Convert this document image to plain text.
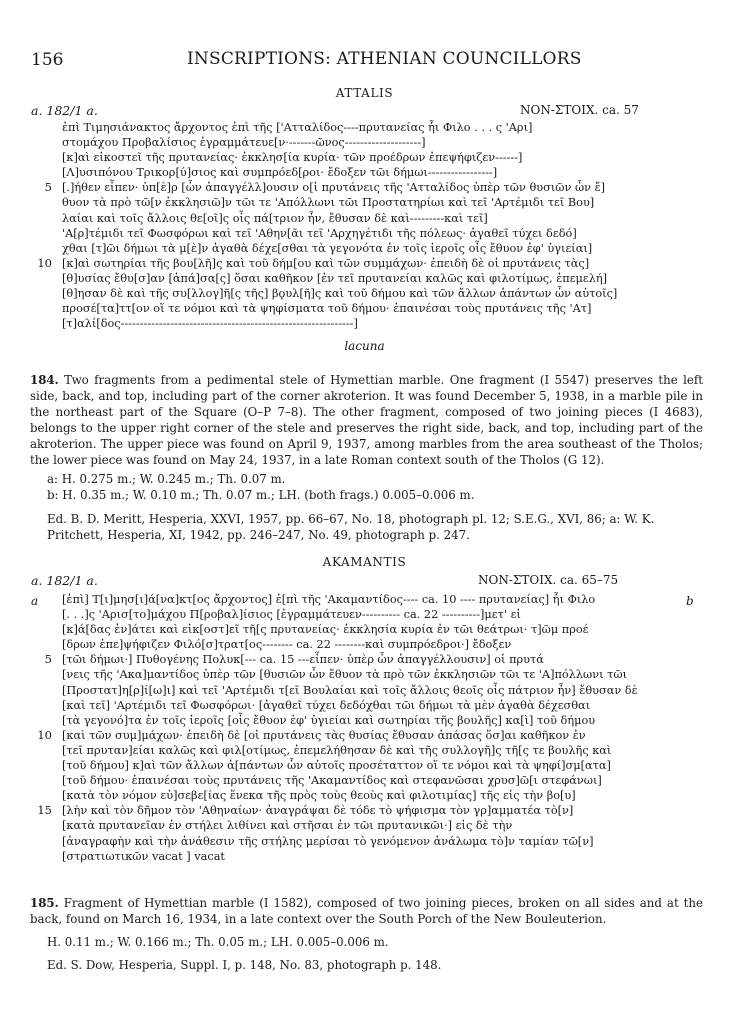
156	INSCRIPTIONS: ATHENIAN COUNCILLORS
ATTALIS
a. 182/1 a.	NON-ΣΤΟΙΧ. ca. 57
ἐπὶ Τιμησιάνακτος ἄρχοντος ἐπὶ τῆς ['Ατταλίδος----πρυτανείας ἧι Φιλο . . . ς 'Αρι]
στομάχου Προβαλίσιος ἐγραμμάτευε[ν·-------ῶνος--------------------]
[κ]αὶ εἰκοστεῖ τῆς πρυτανείας· ἐκκλησ[ία κυρία· τῶν προέδρων ἐπεψήφιζεν------]
[Λ]υσιπόνου Τρικορ[ύ]σιος καὶ συμπρόεδ[ροι· ἔδοξεν τῶι δήμωι-----------------]
5 [.]ήθεν εἶπεν· ὑπ[ὲ]ρ [ὧν ἀπαγγέλλ]ουσιν ο[ἱ πρυτάνεις τῆς 'Ατταλίδος ὑπὲρ τῶν θυσιῶν ὧν ἔ]
θυον τὰ πρὸ τῶ[ν ἐκκλησιῶ]ν τῶι τε 'Απόλλωνι τῶι Προστατηρίωι καὶ τεῖ 'Αρτέμιδι τεῖ Βου]
λαίαι καὶ τοῖς ἄλλοις θε[οῖ]ς οἷς πά[τριον ἦν, ἔθυσαν δὲ καὶ---------καὶ τεῖ]
'Α[ρ]τέμιδι τεῖ Φωσφόρωι καὶ τεῖ 'Αθην[ᾶι τεῖ 'Αρχηγέτιδι τῆς πόλεως· ἀγαθεῖ τύχει δεδό]
χθαι [τ]ῶι δήμωι τὰ μ[ὲ]ν ἀγαθὰ δέχε[σθαι τὰ γεγονότα ἐν τοῖς ἱεροῖς οἷς ἔθυον ἐφ' ὑγιείαι]
10 [κ]αὶ σωτηρίαι τῆς βου[λῆ]ς καὶ τοῦ δήμ[ου καὶ τῶν συμμάχων· ἐπειδὴ δὲ οἱ πρυτάνεις τὰς]
[θ]υσίας ἔθυ[σ]αν [ἁπά]σα[ς] ὅσαι καθῆκον [ἐν τεῖ πρυτανείαι καλῶς καὶ φιλοτίμως, ἐπεμελή]
[θ]ησαν δὲ καὶ τῆς συ[λλογ]ῆ[ς τῆς] βϙυλ[ῆ]ς καὶ τοῦ δήμου καὶ τῶν ἄλλων ἁπάντων ὧν αὐτοῖς]
προσέ[τα]ττ[ον οἵ τε νόμοι καὶ τὰ ψηφίσματα τοῦ δήμου· ἐπαινέσαι τοὺς πρυτάνεις τῆς 'Ατ]
[τ]αλί[δος-------------------------------------------------------------]
lacuna
184. Two fragments from a pedimental stele of Hymettian marble. One fragment (I 5547) preserves the left side, back, and top, including part of the corner akroterion. It was found December 5, 1938, in a marble pile in the northeast part of the Square (O–P 7–8). The other fragment, composed of two joining pieces (I 4683), belongs to the upper right corner of the stele and preserves the right side, back, and top, including part of the akroterion. The upper piece was found on April 9, 1937, among marbles from the area southeast of the Tholos; the lower piece was found on May 24, 1937, in a late Roman context south of the Tholos (G 12).
a: H. 0.275 m.; W. 0.245 m.; Th. 0.07 m.
b: H. 0.35 m.; W. 0.10 m.; Th. 0.07 m.; LH. (both frags.) 0.005–0.006 m.
Ed. B. D. Meritt, Hesperia, XXVI, 1957, pp. 66–67, No. 18, photograph pl. 12; S.E.G., XVI, 86; a: W. K. Pritchett, Hesperia, XI, 1942, pp. 246–247, No. 49, photograph p. 247.
AKAMANTIS
a. 182/1 a.	NON-ΣΤΟΙΧ. ca. 65–75
a	b
[ἐπὶ] Τ[ι]μησ[ι]ά[να]κτ[ος ἄρχοντος] ἐ[πὶ τῆς 'Ακαμαντίδος---- ca. 10 ---- πρυτανείας] ἧι Φιλο
[. . .]ς 'Αρισ[το]μάχου Π[ροβαλ]ίσιος [ἐγραμμάτευεν---------- ca. 22 ----------]μετ' εἰ
[κ]ά[δας ἐν]άτει καὶ εἰκ[οστ]εῖ τῆ[ς πρυτανείας· ἐκκλησία κυρία ἐν τῶι θεάτρωι· τ]ῶμ προέ
[δρων ἐπε]ψήφιζεν Φιλό[σ]τρατ[ος-------- ca. 22 --------καὶ συμπρόεδροι·] ἔδοξεν
5 [τῶι δήμωι·] Πυθογένης Πολυκ[--- ca. 15 ---εἶπεν· ὑπὲρ ὧν ἀπαγγέλλουσιν] οἱ πρυτά
[νεις τῆς 'Ακα]μαντίδος ὑπὲρ τῶν [θυσιῶν ὧν ἔθυον τὰ πρὸ τῶν ἐκκλησιῶν τῶι τε 'Α]πόλλωνι τῶι
[Προστατ]η[ρ]ί[ω]ι] καὶ τεῖ 'Αρτέμιδι τ[εῖ Βουλαίαι καὶ τοῖς ἄλλοις θεοῖς οἷς πάτριον ἦν] ἔθυσαν δὲ
[καὶ τεῖ] 'Αρτέμιδι τεῖ Φωσφόρωι· [ἀγαθεῖ τύχει δεδόχθαι τῶι δήμωι τὰ μὲν ἀγαθὰ δέχεσθαι
[τὰ γεγονό]τα ἐν τοῖς ἱεροῖς [οἷς ἔθυον ἐφ' ὑγιείαι καὶ σωτηρίαι τῆς βουλῆς] κα[ὶ] τοῦ δήμου
10 [καὶ τῶν συμ]μάχων· ἐπειδὴ δὲ [οἱ πρυτάνεις τὰς θυσίας ἔθυσαν ἁπάσας ὅσ]αι καθῆκον ἐν
[τεῖ πρυταν]είαι καλῶς καὶ φιλ[οτίμως, ἐπεμελήθησαν δὲ καὶ τῆς συλλογῆ]ς τῆ[ς τε βουλῆς καὶ
[τοῦ δήμου] κ]αὶ τῶν ἄλλων ἁ[πάντων ὧν αὐτοῖς προσέταττον οἵ τε νόμοι καὶ τὰ ψηφί]σμ[ατα]
[τοῦ δήμου· ἐπαινέσαι τοὺς πρυτάνεις τῆς 'Ακαμαντίδος καὶ στεφανῶσαι χρυσ]ῶ[ι στεφάνωι]
[κατὰ τὸν νόμον εὐ]σεβε[ίας ἕνεκα τῆς πρὸς τοὺς θεοὺς καὶ φιλοτιμίας] τῆς εἰς τὴν βο[υ]
15 [λὴν καὶ τὸν δῆμον τὸν 'Αθηναίων· ἀναγράψαι δὲ τόδε τὸ ψήφισμα τὸν γρ]αμματέα τὸ[ν]
[κατὰ πρυτανεῖαν ἐν στήλει λιθίνει καὶ στῆσαι ἐν τῶι πρυτανικῶι·] εἰς δὲ τὴν
[ἀναγραφὴν καὶ τὴν ἀνάθεσιν τῆς στήλης μερίσαι τὸ γενόμενον ἀνάλωμα τὸ]ν ταμίαν τῶ[ν]
[στρατιωτικῶν vacat ] vacat
185. Fragment of Hymettian marble (I 1582), composed of two joining pieces, broken on all sides and at the back, found on March 16, 1934, in a late context over the South Porch of the New Bouleuterion.
H. 0.11 m.; W. 0.166 m.; Th. 0.05 m.; LH. 0.005–0.006 m.
Ed. S. Dow, Hesperia, Suppl. I, p. 148, No. 83, photograph p. 148.
